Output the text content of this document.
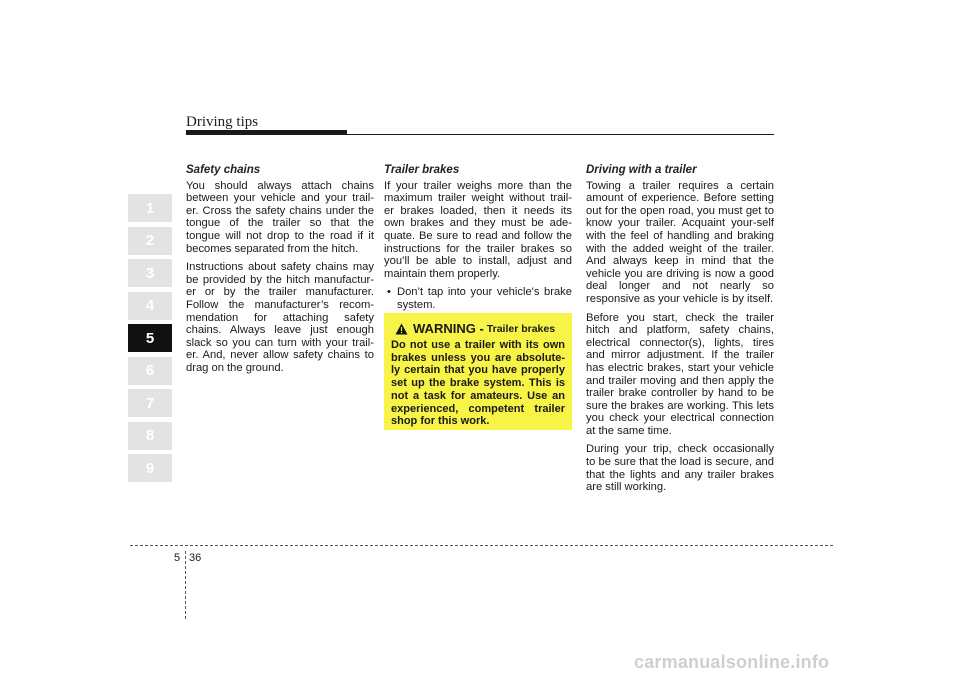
Driving tips
1
2
3
4
5
6
7
8
9
Safety chains

You should always attach chains between your vehicle and your trail-er. Cross the safety chains under the tongue of the trailer so that the tongue will not drop to the road if it becomes separated from the hitch.

Instructions about safety chains may be provided by the hitch manufactur-er or by the trailer manufacturer. Follow the manufacturer’s recom-mendation for attaching safety chains. Always leave just enough slack so you can turn with your trail-er. And, never allow safety chains to drag on the ground.

Trailer brakes

If your trailer weighs more than the maximum trailer weight without trail-er brakes loaded, then it needs its own brakes and they must be ade-quate. Be sure to read and follow the instructions for the trailer brakes so you’ll be able to install, adjust and maintain them properly.

• Don’t tap into your vehicle's brake system.
WARNING - Trailer brakes

Do not use a trailer with its own brakes unless you are absolute-ly certain that you have properly set up the brake system. This is not a task for amateurs. Use an experienced, competent trailer shop for this work.

Driving with a trailer

Towing a trailer requires a certain amount of experience. Before setting out for the open road, you must get to know your trailer. Acquaint your-self with the feel of handling and braking with the added weight of the trailer. And always keep in mind that the vehicle you are driving is now a good deal longer and not nearly so responsive as your vehicle is by itself.

Before you start, check the trailer hitch and platform, safety chains, electrical connector(s), lights, tires and mirror adjustment. If the trailer has electric brakes, start your vehicle and trailer moving and then apply the trailer brake controller by hand to be sure the brakes are working. This lets you check your electrical connection at the same time.

During your trip, check occasionally to be sure that the load is secure, and that the lights and any trailer brakes are still working.

5 36
carmanualsonline.info
